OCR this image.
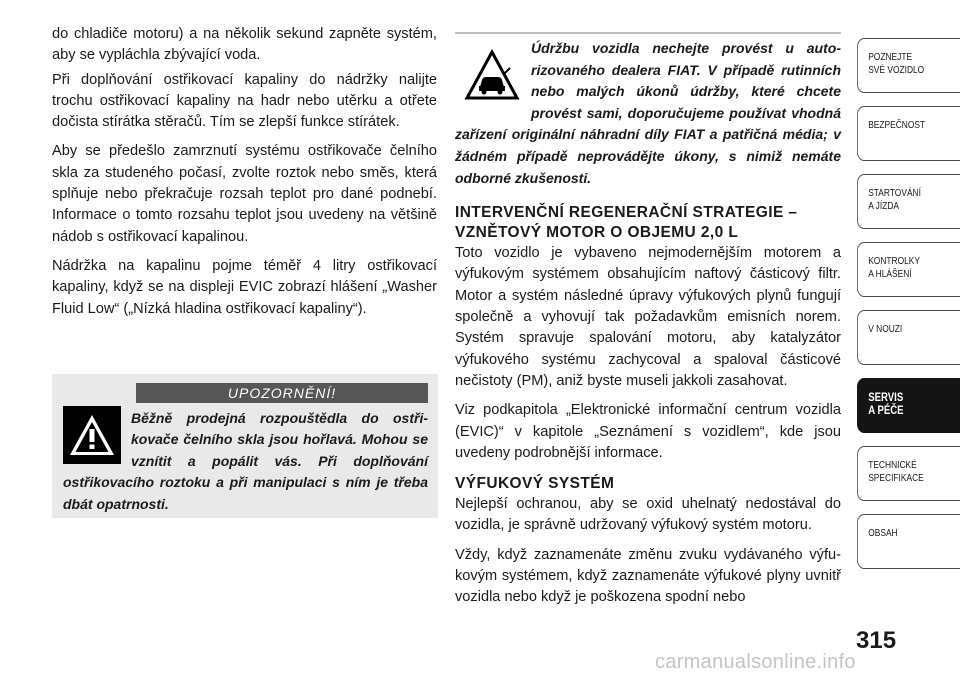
do chladiče motoru) a na několik sekund zapněte systém, aby se vypláchla zbývající voda.

Při doplňování ostřikovací kapaliny do nádržky nalijte trochu ostřikovací kapaliny na hadr nebo utěrku a otřete dočista stírátka stěračů. Tím se zlepší funkce stírátek.

Aby se předešlo zamrznutí systému ostřikovače čelního skla za studeného počasí, zvolte roztok nebo směs, která splňuje nebo překračuje rozsah teplot pro dané podnebí. Informace o tomto rozsahu teplot jsou uvedeny na většině nádob s ostřikovací kapalinou.

Nádržka na kapalinu pojme téměř 4 litry ostřikovací kapaliny, když se na displeji EVIC zobrazí hlášení „Washer Fluid Low“ („Nízká hladina ostřikovací kapaliny“).

UPOZORNĚNÍ!

Běžně prodejná rozpouštědla do ostřikovače čelního skla jsou hořlavá. Mohou se vznítit a popálit vás. Při doplňování ostřikovacího roztoku a při manipulaci s ním je třeba dbát opatrnosti.

Údržbu vozidla nechejte provést u autorizovaného dealera FIAT. V případě rutinních nebo malých úkonů údržby, které chcete provést sami, doporučujeme používat vhodná zařízení originální náhradní díly FIAT a patřičná média; v žádném případě neprovádějte úkony, s nimiž nemáte odborné zkušenosti.

INTERVENČNÍ REGENERAČNÍ STRATEGIE –VZNĚTOVÝ MOTOR O OBJEMU 2,0 L

Toto vozidlo je vybaveno nejmodernějším motorem a výfukovým systémem obsahujícím naftový částicový filtr. Motor a systém následné úpravy výfukových plynů fungují společně a vyhovují tak požadavkům emisních norem. Systém spravuje spalování motoru, aby katalyzátor výfukového systému zachycoval a spaloval částicové nečistoty (PM), aniž byste museli jakkoli zasahovat.

Viz podkapitola „Elektronické informační centrum vozidla (EVIC)“ v kapitole „Seznámení s vozidlem“, kde jsou uvedeny podrobnější informace.

VÝFUKOVÝ SYSTÉM

Nejlepší ochranou, aby se oxid uhelnatý nedostával do vozidla, je správně udržovaný výfukový systém motoru.

Vždy, když zaznamenáte změnu zvuku vydávaného výfukovým systémem, když zaznamenáte výfukové plyny uvnitř vozidla nebo když je poškozena spodní nebo

POZNEJTE
SVÉ VOZIDLO
BEZPEČNOST
STARTOVÁNÍ
A JÍZDA
KONTROLKY
A HLÁŠENÍ
V NOUZI
SERVIS
A PÉČE
TECHNICKÉ
SPECIFIKACE
OBSAH
315
carmanualsonline.info
